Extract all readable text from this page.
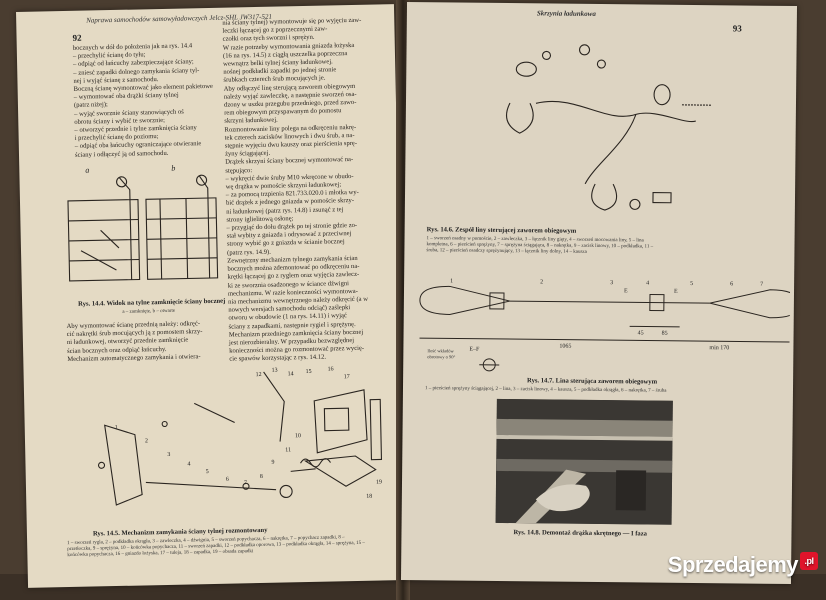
Naprawa samochodów samowyładowczych Jelcz-SHL JW317-521
92

bocznych w dół do położenia jak na rys. 14.4

– przechylić ścianę do tyłu;

– odpiąć od łańcuchy zabezpieczające ściany;

– zniesć zapadki dolnego zamykania ściany tyl-

nej i wyjąć ścianę z samochodu.

Boczną ścianę wymontować jako element pakietowe

– wymontować oba drążki ściany tylnej

(patrz niżej);

– wyjąć sworznie ściany stanowiących oś

obrotu ściany i wybić te sworznie;

– otworzyć przednie i tylne zamknięcia ściany

i przechylić ścianę do poziomu;

– odpiąć oba łańcuchy ograniczające otwieranie

ściany i odłączyć ją od samochodu.

nia ściany tylnej) wymontowuje się po wyjęciu zaw-

leczki łączącej go z poprzecznymi zaw-

czołki oraz tych sworzni i sprężyn.

W razie potrzeby wymontowania gniazda łożyska

(16 na rys. 14.5) z ciągłą uszczelka poprzeczna

wewnątrz belki tylnej ściany ładunkowej.

nośnej podkładki zapadki po jednej stronie

śrubkach czterech śrub mocujących je.

Aby odłączyć linę sterującą zaworem obiegowym

należy wyjąć zawleczkę, a następnie sworzeń osa-

dzony w uszku przegubu przedniego, przed zawo-

rem obiegowym przyspawanym do pomostu

skrzyni ładunkowej.

Rozmontowanie liny polega na odkręceniu nakrę-

tek czterech zacisków linowych i dwu śrub, a na-

stępnie wyjęciu dwu kauszy oraz pierścienia sprę-

żyny ściągającej.

Drążek skrzyni ściany bocznej wymontować na-

stępująco:

– wykręcić dwie śruby M10 wkręcone w obudo-

wę drążka w pomoście skrzyni ładunkowej;

– za pomocą trzpienia 821.733.020.0 i młotka wy-

bić drążek z jednego gniazda w pomoście skrzy-

ni ładunkowej (patrz rys. 14.8) i zsunąć z tej

strony iglielitową osłonę;

– przygiąć do dołu drążek po tej stronie gdzie zo-

stał wybity z gniazda i odrysować z przeciwnej

strony wybić go z gniazda w ścianie bocznej

(patrz rys. 14.9).

Zewnętrzny mechanizm tylnego zamykania ścian

bocznych można zdemontować po odkręceniu na-

krętki łączącej go z ryglem oraz wyjęcia zawlecz-

ki ze sworznia osadzonego w ściance dźwigni

mechanizmu. W razie konieczności wymontowa-

nia mechanizmu wewnętrznego należy odkręcić (a w

nowych wersjach samochodu odciąć) zaślepki

otworu w obudowie (1 na rys. 14.11) i wyjąć

ściany z zapadkami, następnie rygiel i sprężynę.

Mechanizm przedniego zamknięcia ściany bocznej

jest nierozbieralny. W przypadku bezwzględnej

konieczności można go rozmontować przez wycię-

cie spawów korzystając z rys. 14.12.

a	b
Rys. 14.4. Widok na tylne zamknięcie ściany bocznej
a – zamknięte, b – otwarte

Aby wymontować ścianę przednią należy: odkręć-

cić nakrętki śrub mocujących ją z pomostem skrzy-

ni ładunkowej, otworzyć przednie zamknięcie

ścian bocznych oraz odpiąć łańcuchy.

Mechanizm automatycznego zamykania i otwiera-

12
13
14 15	16
17
10
11
9
8
7
6
5
4
3
2
1
19
18
Rys. 14.5. Mechanizm zamykania ściany tylnej rozmontowany
1 – sworzeń rygla, 2 – podkładka okrągła, 3 – zawleczka, 4 – dźwignia, 5 – sworzeń popychacza, 6 – nakrętka, 7 – popychacz zapadki, 8 – przetłoczka, 9 – sprężyna, 10 – końcówka popychacza, 11 – sworzeń zapadki, 12 – podkładka oporowa, 13 – podkładka okrągła, 14 – sprężyna, 15 – końcówka popychacza, 16 – gniazdo łożyska, 17 – tuleja, 18 – zapadka, 19 – obsada zapadki
Skrzynia ładunkowa
93
Rys. 14.6. Zespół liny sterującej zaworem obiegowym
1 – sworzeń osadny w pomoście, 2 – zawleczka, 3 – łącznik liny gięty, 4 – sworzeń mocowania liny, 5 – lina kompletna, 6 – pierścień sprężyny, 7 – sprężyna ściągająca, 8 – nakrętka, 9 – zacisk linowy, 10 – podkładka, 11 – śruba, 12 – pierścień osadczy sprężynujący, 13 – łącznik liny dolny, 14 – kausza
E	E
45	85
1065	min 170
E–F
1	2	3	4	5	6	7
Ilość wkładów obrotowy o 90°
Rys. 14.7. Lina sterująca zaworem obiegowym
1 – pierścień sprężyny ściągającej, 2 – lina, 3 – zacisk linowy, 4 – kausza, 5 – podkładka okrągła, 6 – nakrętka, 7 – śruba
Rys. 14.8. Demontaż drążka skrętnego — I faza
Sprzedajemy .pl
